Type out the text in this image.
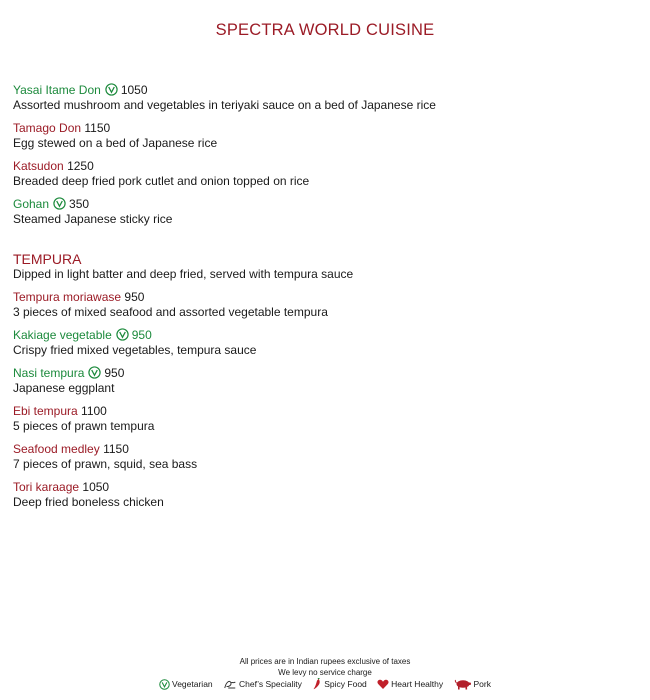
SPECTRA WORLD CUISINE
Yasai Itame Don 1050
Assorted mushroom and vegetables in teriyaki sauce on a bed of Japanese rice
Tamago Don 1150
Egg stewed on a bed of Japanese rice
Katsudon 1250
Breaded deep fried pork cutlet and onion topped on rice
Gohan 350
Steamed Japanese sticky rice
TEMPURA
Dipped in light batter and deep fried, served with tempura sauce
Tempura moriawase 950
3 pieces of mixed seafood and assorted vegetable tempura
Kakiage vegetable 950
Crispy fried mixed vegetables, tempura sauce
Nasi tempura 950
Japanese eggplant
Ebi tempura 1100
5 pieces of prawn tempura
Seafood medley 1150
7 pieces of prawn, squid, sea bass
Tori karaage 1050
Deep fried boneless chicken
All prices are in Indian rupees exclusive of taxes
We levy no service charge
Vegetarian	Chef’s Speciality	Spicy Food	Heart Healthy	Pork
